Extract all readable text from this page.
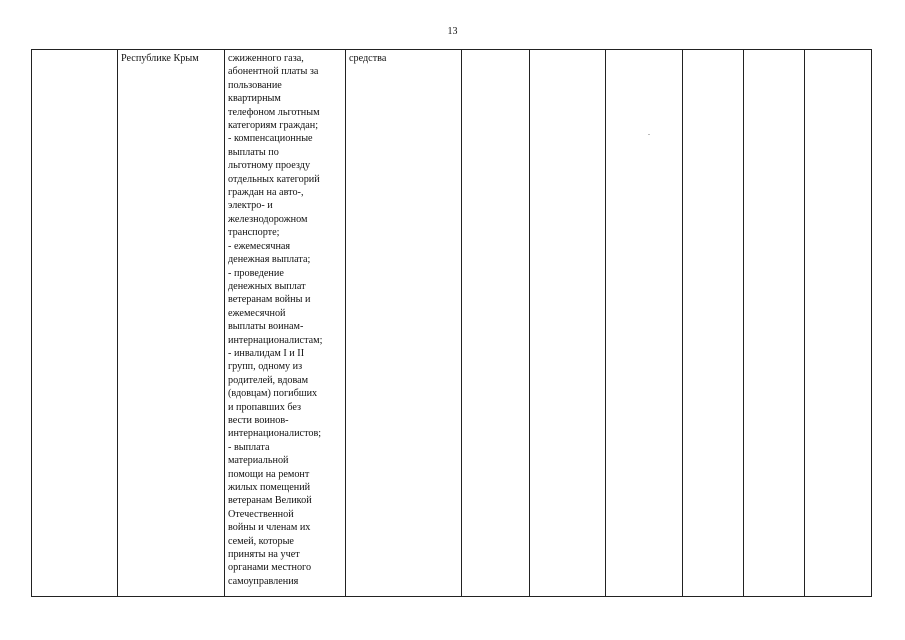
13
	Республике Крым	сжиженного газа,
абонентной платы за
пользование
квартирным
телефоном льготным
категориям граждан;
- компенсационные
выплаты по
льготному проезду
отдельных категорий
граждан на авто-,
электро- и
железнодорожном
транспорте;
- ежемесячная
денежная выплата;
- проведение
денежных выплат
ветеранам войны и
ежемесячной
выплаты воинам-
интернационалистам;
- инвалидам I и II
групп, одному из
родителей, вдовам
(вдовцам) погибших
и пропавших без
вести воинов-
интернационалистов;
- выплата
материальной
помощи на ремонт
жилых помещений
ветеранам Великой
Отечественной
войны и членам их
семей, которые
приняты на учет
органами местного
самоуправления
	средства						
